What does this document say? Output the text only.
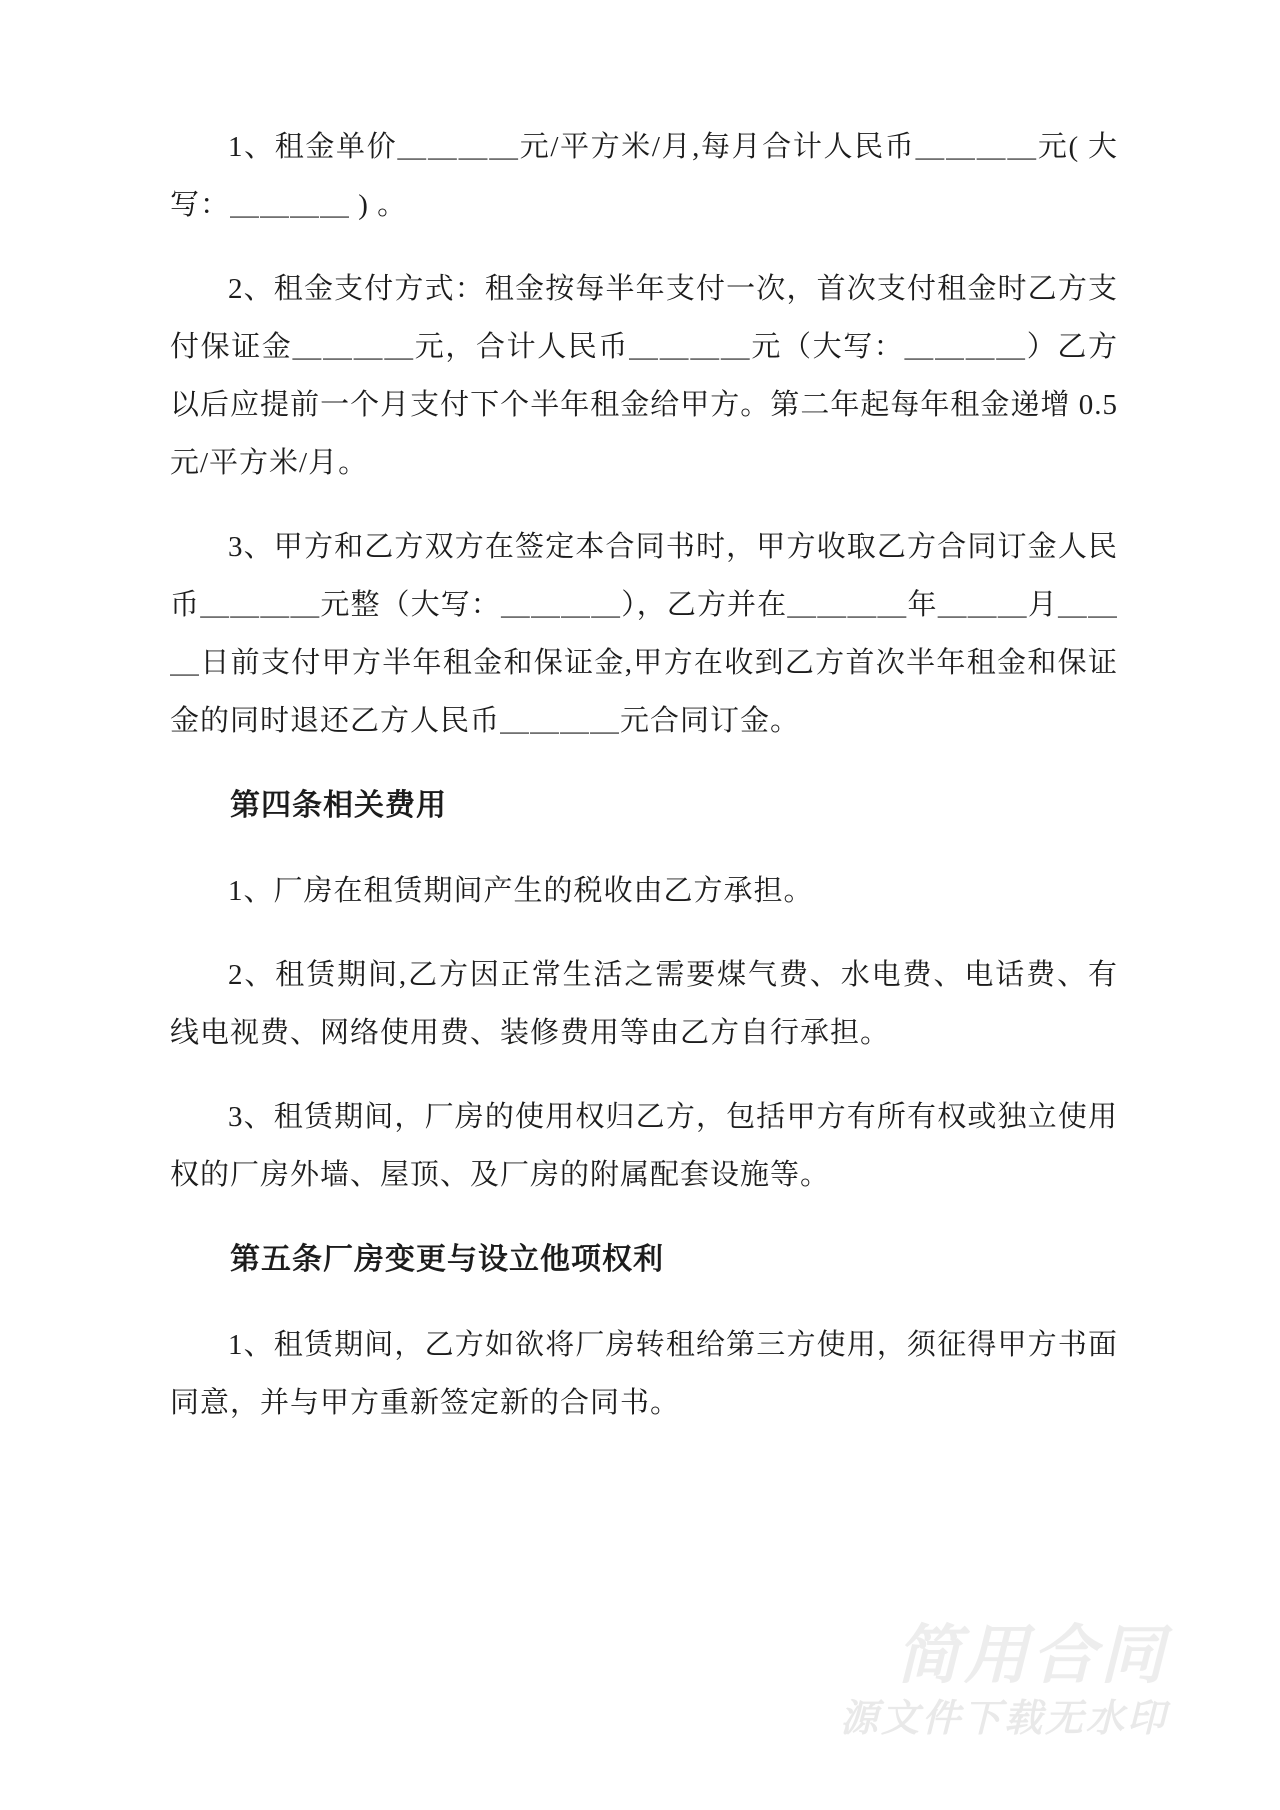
1、租金单价＿＿＿＿元/平方米/月,每月合计人民币＿＿＿＿元( 大写：＿＿＿＿ ) 。

2、租金支付方式：租金按每半年支付一次，首次支付租金时乙方支付保证金＿＿＿＿元，合计人民币＿＿＿＿元（大写：＿＿＿＿）乙方以后应提前一个月支付下个半年租金给甲方。第二年起每年租金递增 0.5 元/平方米/月。

3、甲方和乙方双方在签定本合同书时，甲方收取乙方合同订金人民币＿＿＿＿元整（大写：＿＿＿＿），乙方并在＿＿＿＿年＿＿＿月＿＿＿日前支付甲方半年租金和保证金,甲方在收到乙方首次半年租金和保证金的同时退还乙方人民币＿＿＿＿元合同订金。

第四条相关费用

1、厂房在租赁期间产生的税收由乙方承担。

2、租赁期间,乙方因正常生活之需要煤气费、水电费、电话费、有线电视费、网络使用费、装修费用等由乙方自行承担。

3、租赁期间，厂房的使用权归乙方，包括甲方有所有权或独立使用权的厂房外墙、屋顶、及厂房的附属配套设施等。

第五条厂房变更与设立他项权利

1、租赁期间，乙方如欲将厂房转租给第三方使用，须征得甲方书面同意，并与甲方重新签定新的合同书。

简用合同
源文件下载无水印
